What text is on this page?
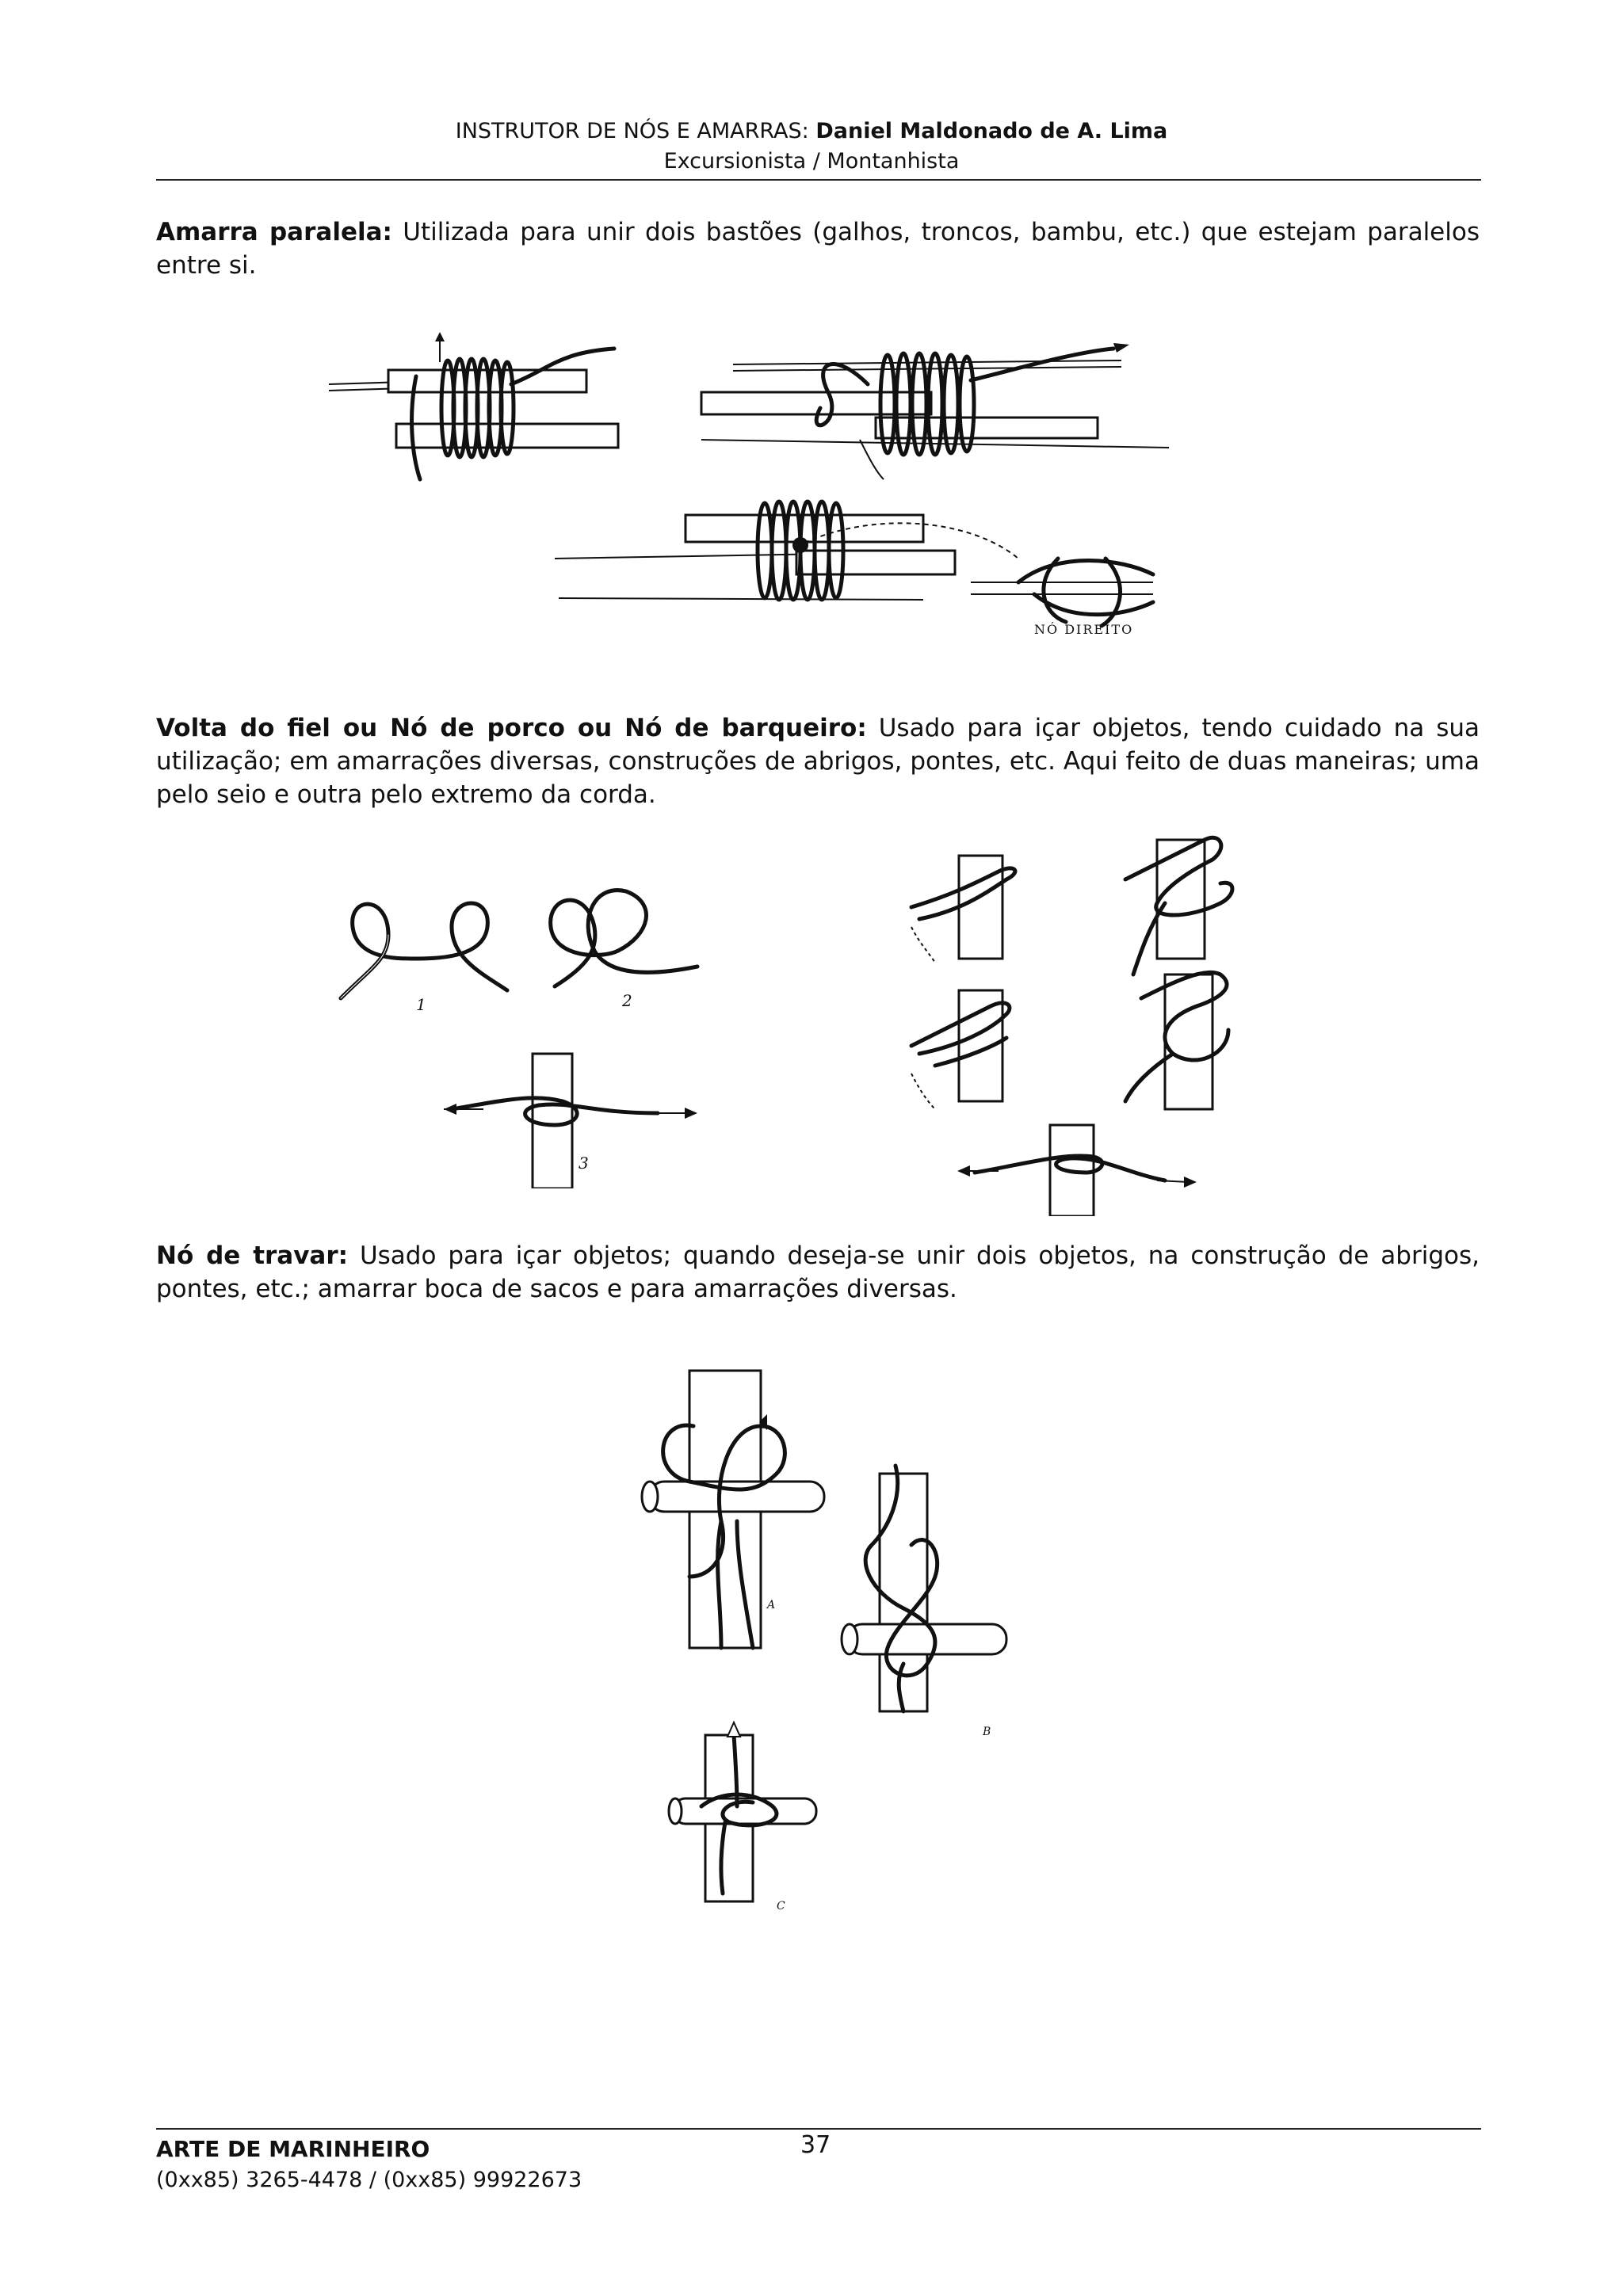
INSTRUTOR DE NÓS E AMARRAS: Daniel Maldonado de A. Lima
Excursionista / Montanhista
Amarra paralela: Utilizada para unir dois bastões (galhos, troncos, bambu, etc.) que estejam paralelos entre si.
NÓ DIREITO
Volta do fiel ou Nó de porco ou Nó de barqueiro: Usado para içar objetos, tendo cuidado na sua utilização; em amarrações diversas, construções de abrigos, pontes, etc. Aqui feito de duas maneiras; uma pelo seio e outra pelo extremo da corda.
1	2
3
Nó de travar: Usado para içar objetos; quando deseja-se unir dois objetos, na construção de abrigos, pontes, etc.; amarrar boca de sacos e para amarrações diversas.
A
B
C
ARTE DE MARINHEIRO	37
(0xx85) 3265-4478 / (0xx85) 99922673
